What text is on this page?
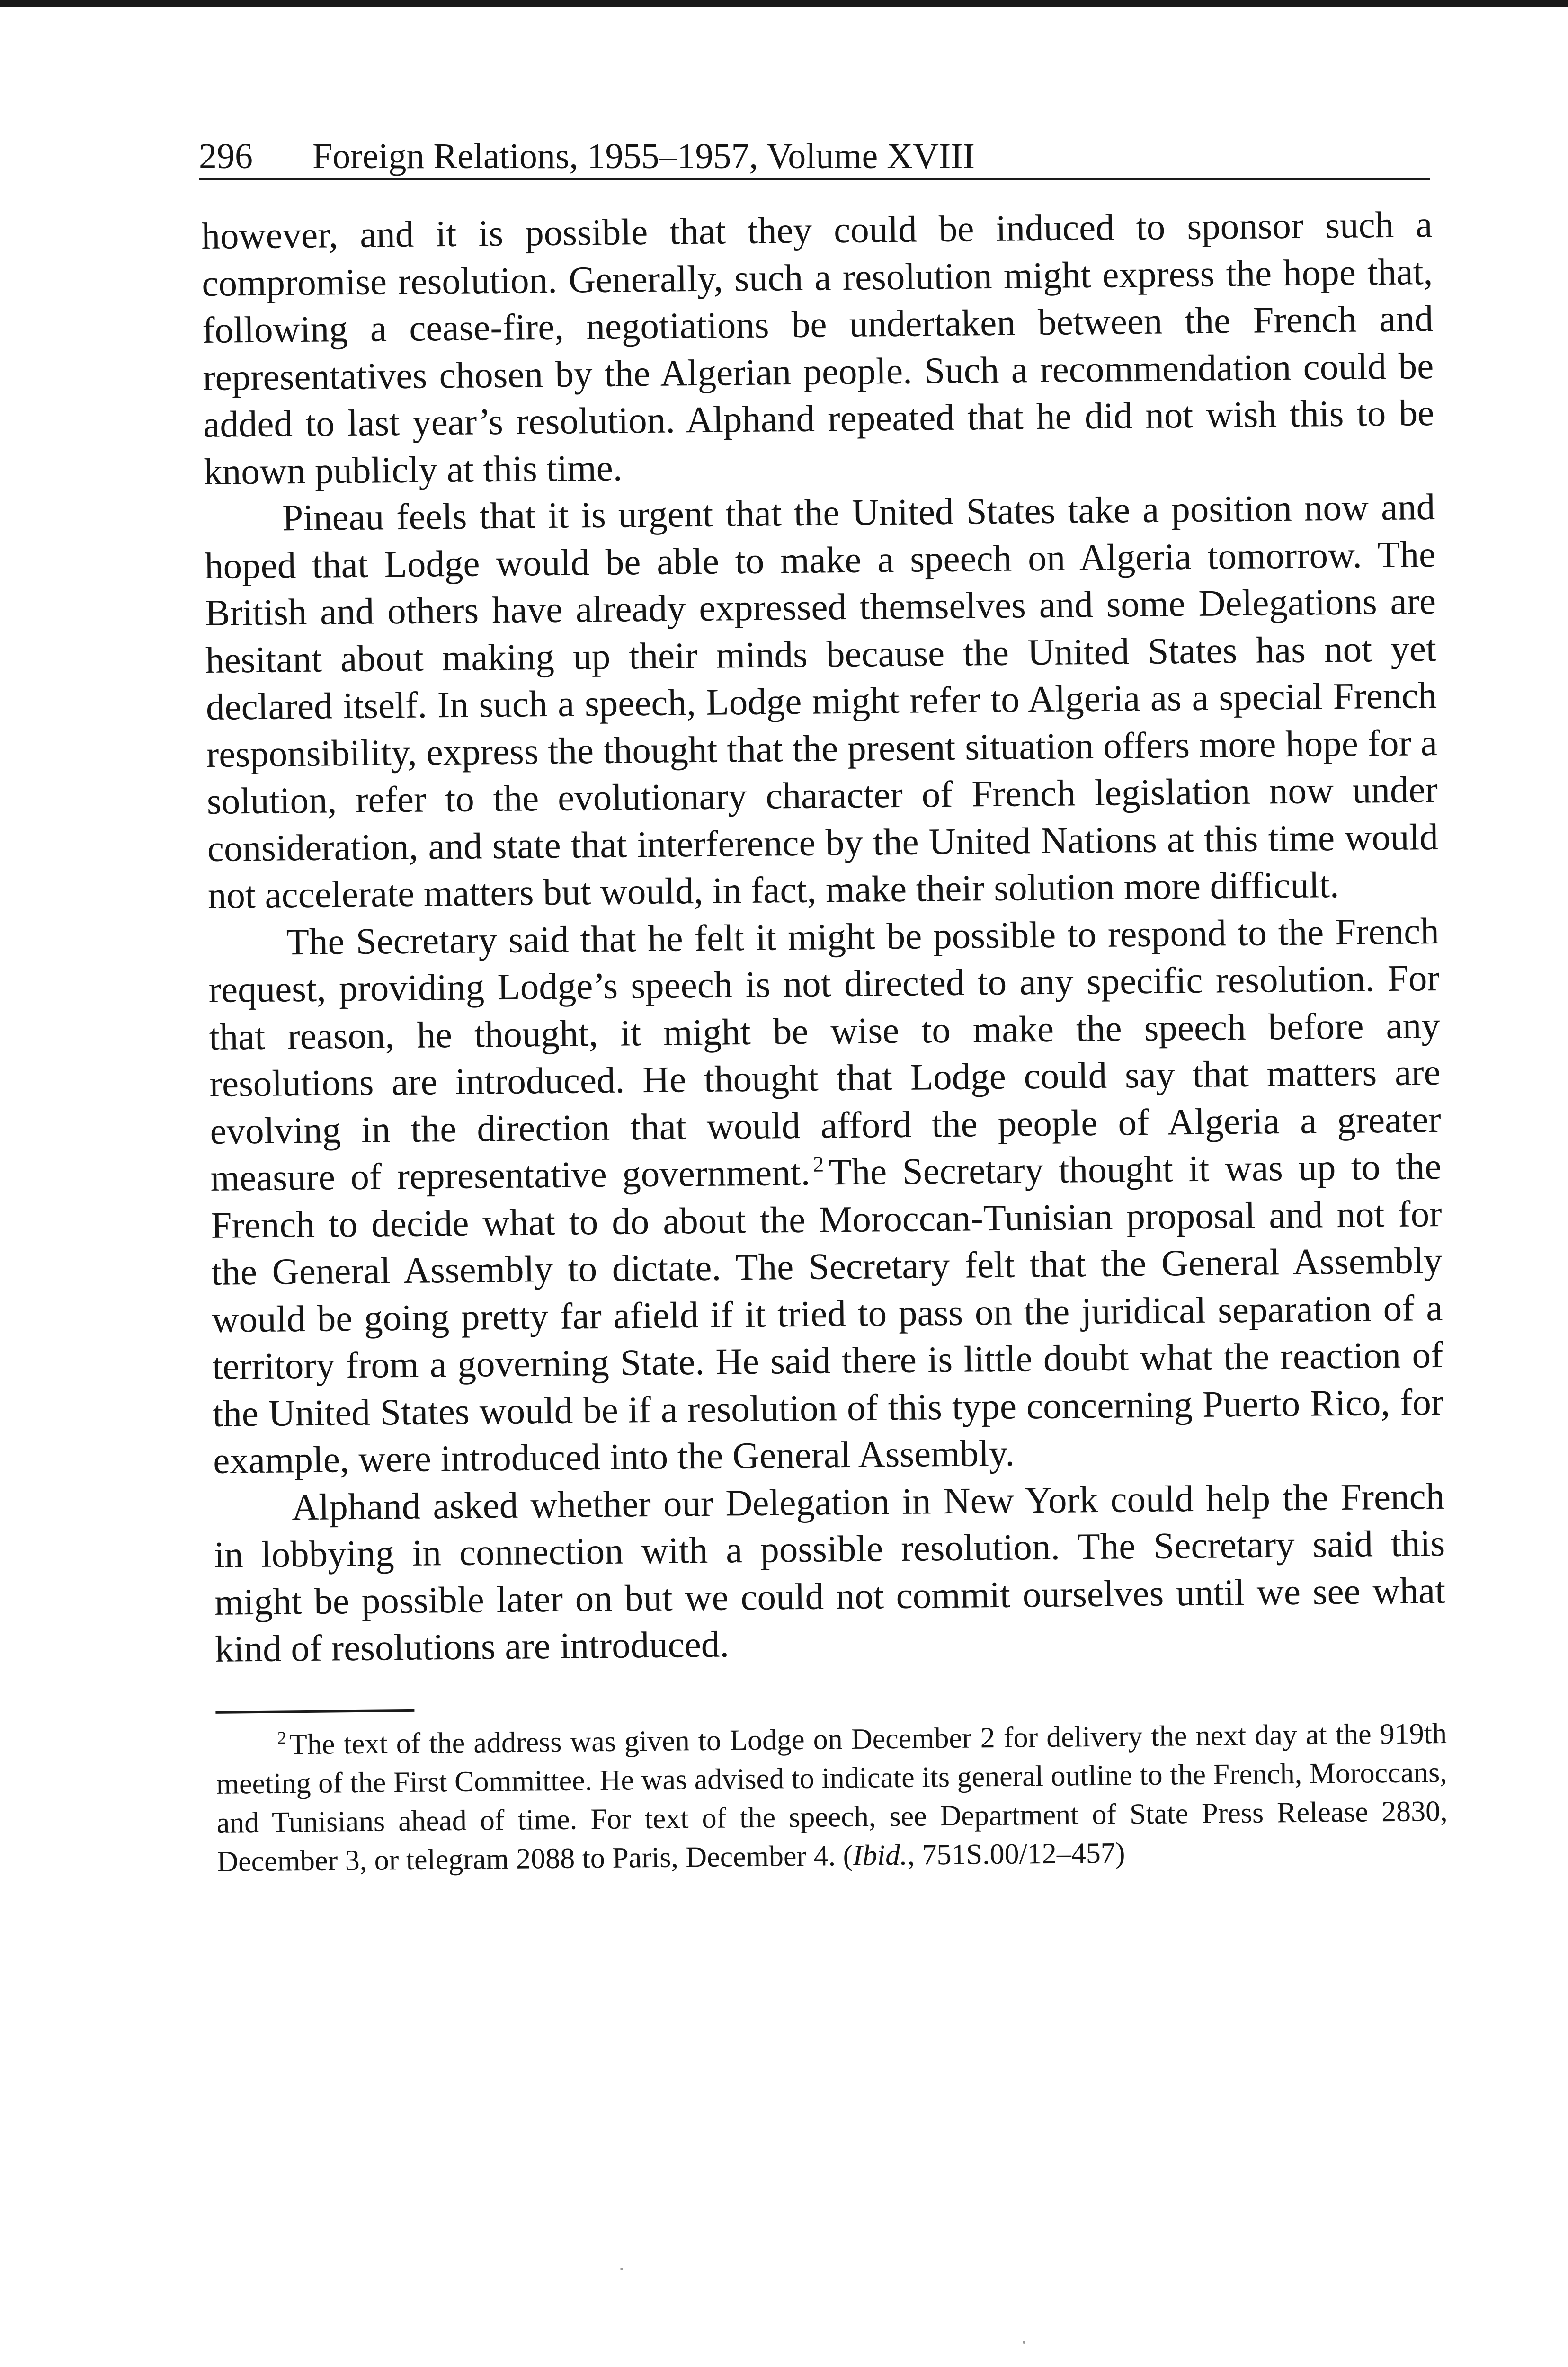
296 Foreign Relations, 1955–1957, Volume XVIII

however, and it is possible that they could be induced to sponsor such a compromise resolution. Generally, such a resolution might express the hope that, following a cease-fire, negotiations be undertaken between the French and representatives chosen by the Algerian people. Such a recommendation could be added to last year’s resolution. Alphand repeated that he did not wish this to be known publicly at this time.

Pineau feels that it is urgent that the United States take a position now and hoped that Lodge would be able to make a speech on Algeria tomorrow. The British and others have already expressed themselves and some Delegations are hesitant about making up their minds because the United States has not yet declared itself. In such a speech, Lodge might refer to Algeria as a special French responsibility, express the thought that the present situation offers more hope for a solution, refer to the evolutionary character of French legislation now under consideration, and state that interference by the United Nations at this time would not accelerate matters but would, in fact, make their solution more difficult.

The Secretary said that he felt it might be possible to respond to the French request, providing Lodge’s speech is not directed to any specific resolution. For that reason, he thought, it might be wise to make the speech before any resolutions are introduced. He thought that Lodge could say that matters are evolving in the direction that would afford the people of Algeria a greater measure of representative government. $^2$ The Secretary thought it was up to the French to decide what to do about the Moroccan-Tunisian proposal and not for the General Assembly to dictate. The Secretary felt that the General Assembly would be going pretty far afield if it tried to pass on the juridical separation of a territory from a governing State. He said there is little doubt what the reaction of the United States would be if a resolution of this type concerning Puerto Rico, for example, were introduced into the General Assembly.

Alphand asked whether our Delegation in New York could help the French in lobbying in connection with a possible resolution. The Secretary said this might be possible later on but we could not commit ourselves until we see what kind of resolutions are introduced.

$^2$The text of the address was given to Lodge on December 2 for delivery the next day at the 919th meeting of the First Committee. He was advised to indicate its general outline to the French, Moroccans, and Tunisians ahead of time. For text of the speech, see Department of State Press Release 2830, December 3, or telegram 2088 to Paris, December 4. (Ibid., 751S.00/12–457)
